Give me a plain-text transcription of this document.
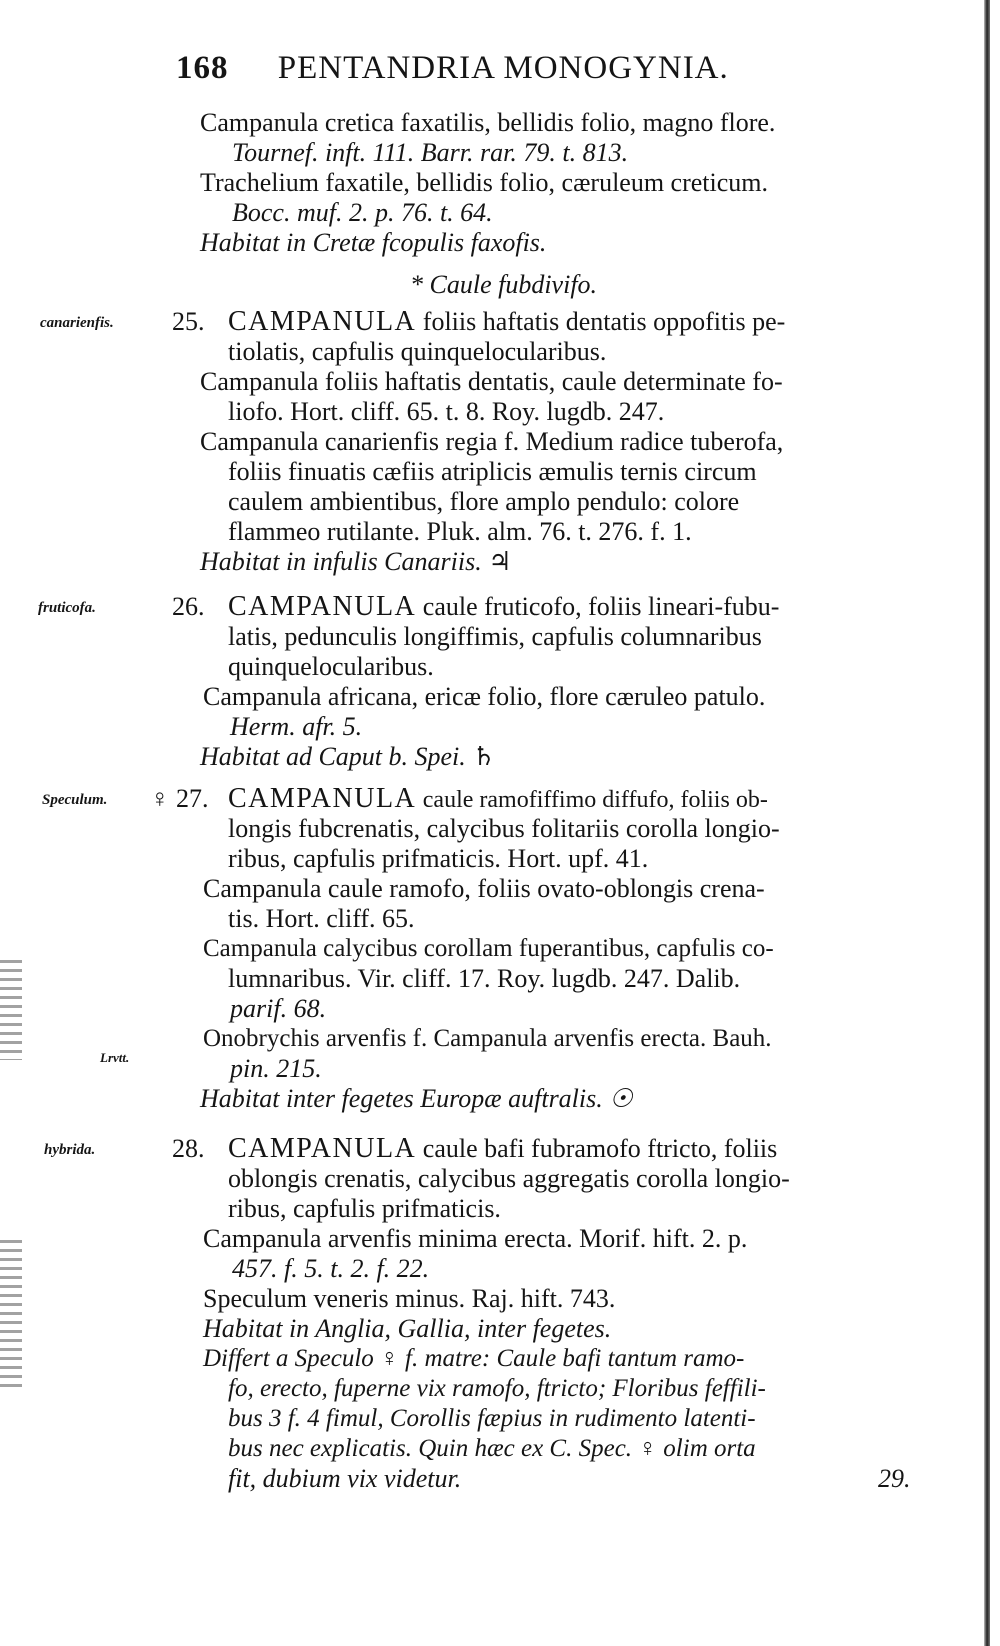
168 PENTANDRIA MONOGYNIA.
Campanula cretica faxatilis, bellidis folio, magno flore.
Tournef. inft. 111. Barr. rar. 79. t. 813.
Trachelium faxatile, bellidis folio, cæruleum creticum.
Bocc. muf. 2. p. 76. t. 64.
Habitat in Cretæ fcopulis faxofis.
* Caule fubdivifo.
canarienfis. 25. CAMPANULA foliis haftatis dentatis oppofitis pe-
tiolatis, capfulis quinquelocularibus.
Campanula foliis haftatis dentatis, caule determinate fo-
liofo. Hort. cliff. 65. t. 8. Roy. lugdb. 247.
Campanula canarienfis regia f. Medium radice tuberofa,
foliis finuatis cæfiis atriplicis æmulis ternis circum
caulem ambientibus, flore amplo pendulo: colore
flammeo rutilante. Pluk. alm. 76. t. 276. f. 1.
Habitat in infulis Canariis. ♃
fruticofa.	26. CAMPANULA caule fruticofo, foliis lineari-fubu-
latis, pedunculis longiffimis, capfulis columnaribus
quinquelocularibus.
Campanula africana, ericæ folio, flore cæruleo patulo.
Herm. afr. 5.
Habitat ad Caput b. Spei. ♄
Speculum. ♀ 27. CAMPANULA caule ramofiffimo diffufo, foliis ob-
longis fubcrenatis, calycibus folitariis corolla longio-
ribus, capfulis prifmaticis. Hort. upf. 41.
Campanula caule ramofo, foliis ovato-oblongis crena-
tis. Hort. cliff. 65.
Campanula calycibus corollam fuperantibus, capfulis co-
lumnaribus. Vir. cliff. 17. Roy. lugdb. 247. Dalib.
parif. 68.
Onobrychis arvenfis f. Campanula arvenfis erecta. Bauh.
Lrvtt.	pin. 215.
Habitat inter fegetes Europæ auftralis. ☉
hybrida.	28. CAMPANULA caule bafi fubramofo ftricto, foliis
oblongis crenatis, calycibus aggregatis corolla longio-
ribus, capfulis prifmaticis.
Campanula arvenfis minima erecta. Morif. hift. 2. p.
457. f. 5. t. 2. f. 22.
Speculum veneris minus. Raj. hift. 743.
Habitat in Anglia, Gallia, inter fegetes.
Differt a Speculo ♀ f. matre: Caule bafi tantum ramo-
fo, erecto, fuperne vix ramofo, ftricto; Floribus feffili-
bus 3 f. 4 fimul, Corollis fæpius in rudimento latenti-
bus nec explicatis. Quin hæc ex C. Spec. ♀ olim orta
fit, dubium vix videtur.	29.
